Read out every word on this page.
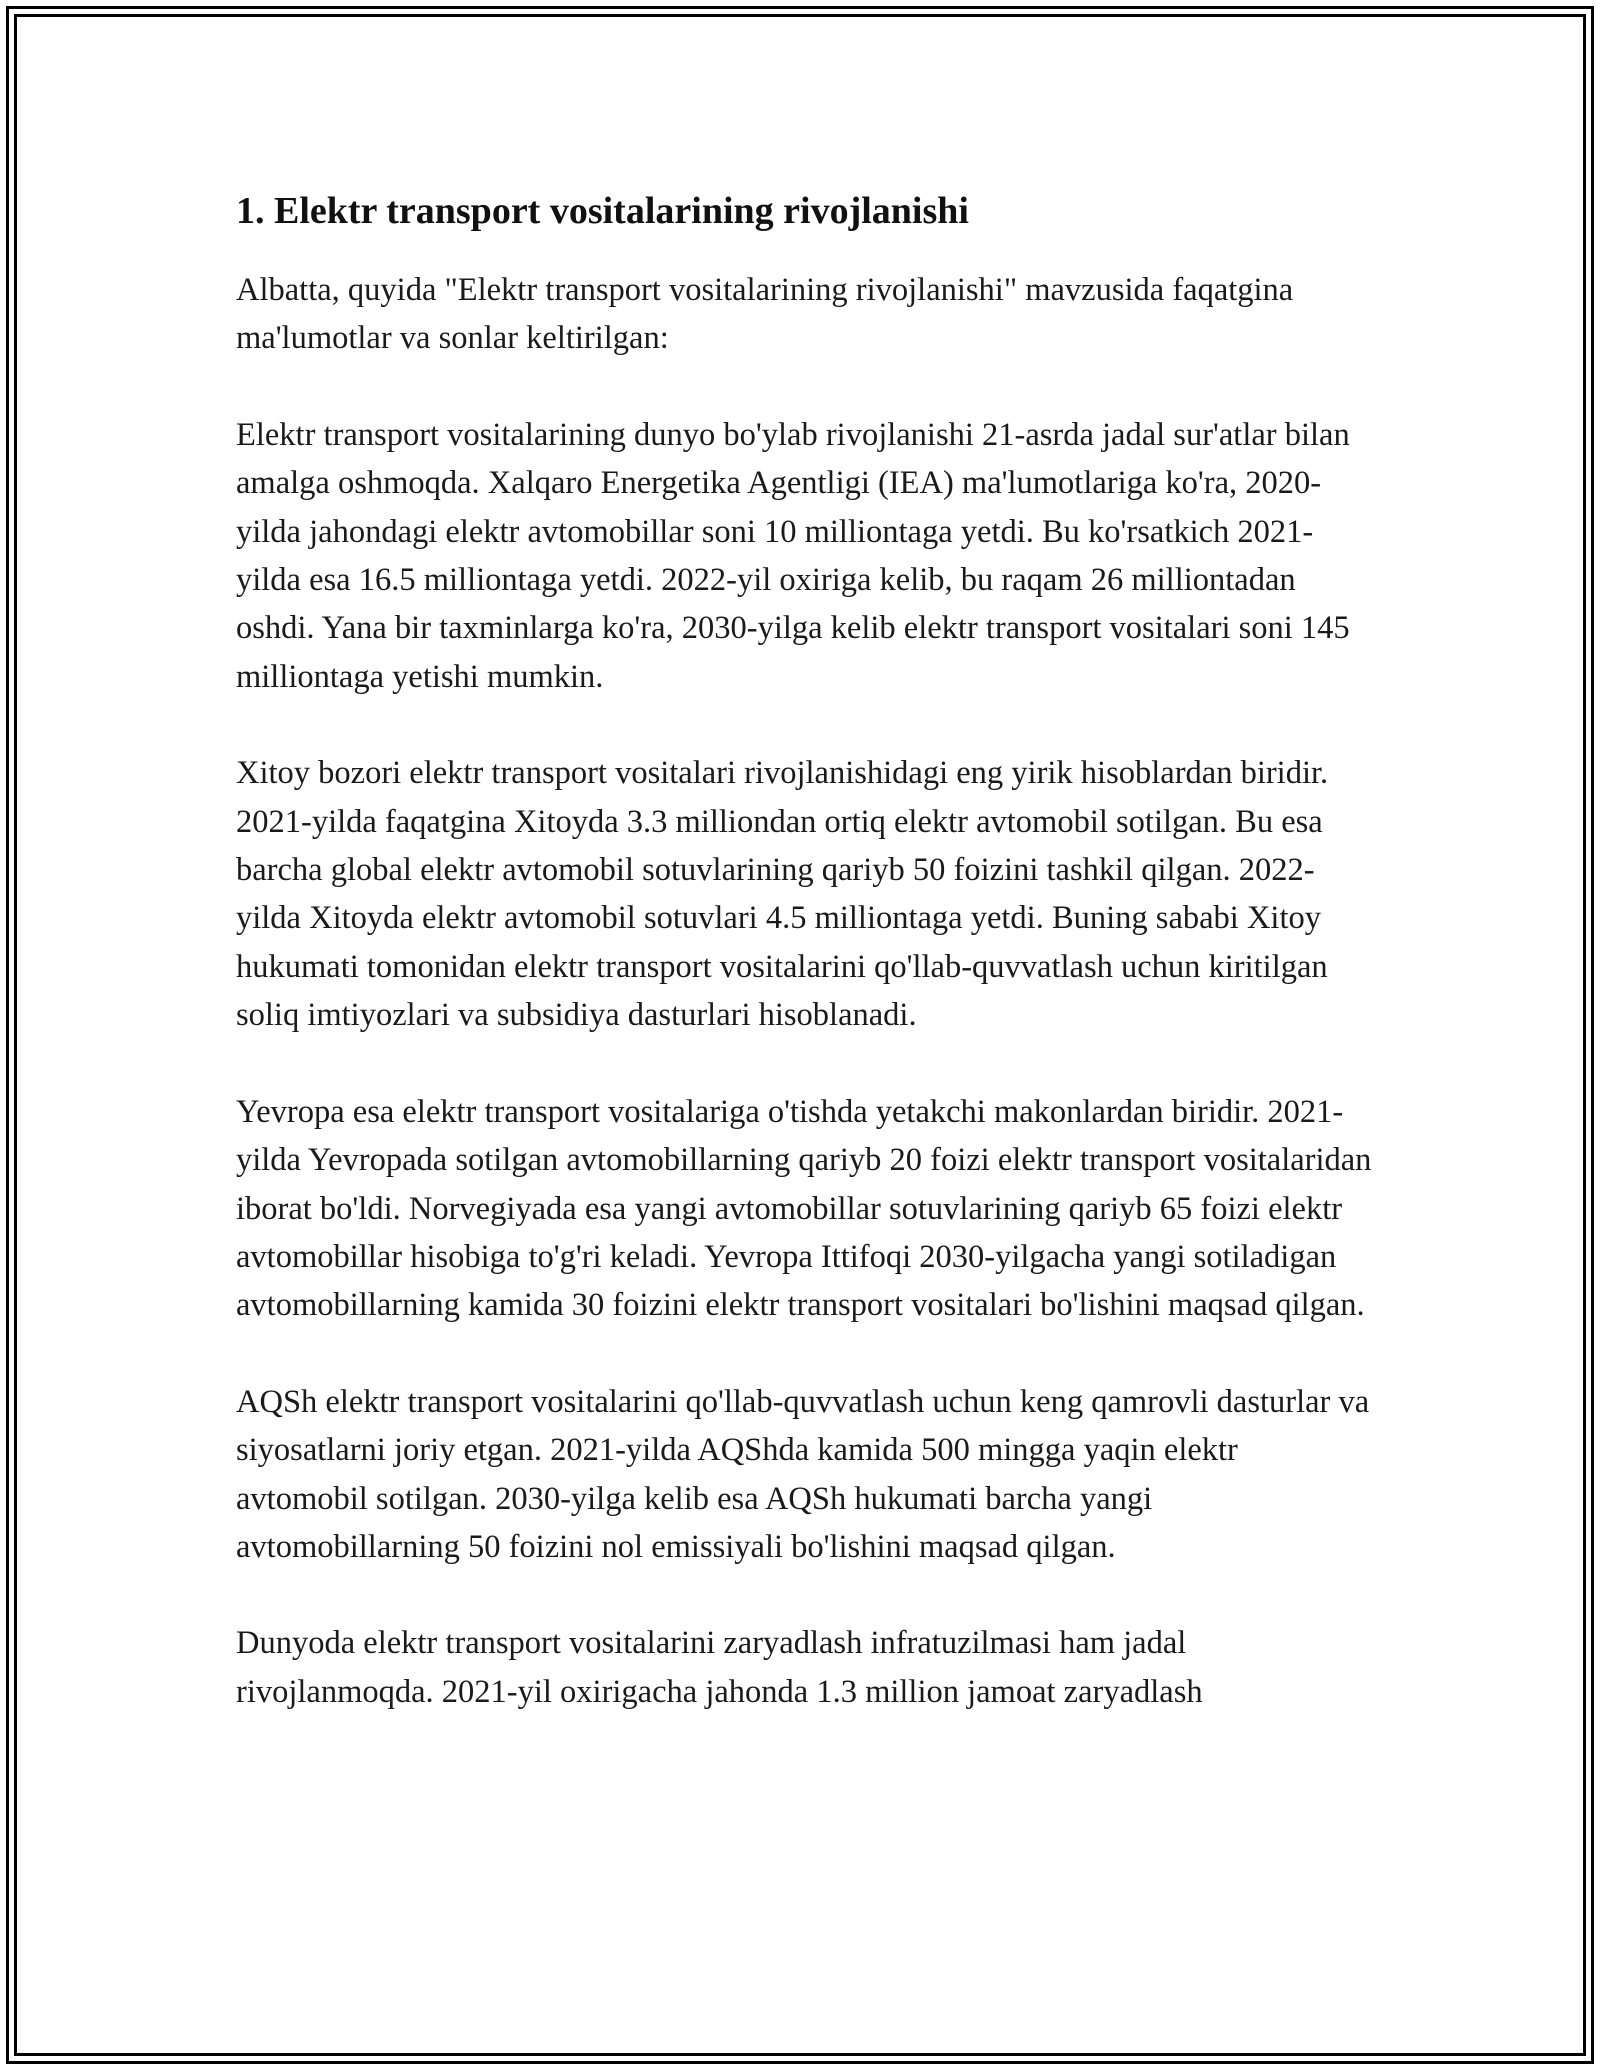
1. Elektr transport vositalarining rivojlanishi

Albatta, quyida "Elektr transport vositalarining rivojlanishi" mavzusida faqatgina ma'lumotlar va sonlar keltirilgan:

Elektr transport vositalarining dunyo bo'ylab rivojlanishi 21-asrda jadal sur'atlar bilan amalga oshmoqda. Xalqaro Energetika Agentligi (IEA) ma'lumotlariga ko'ra, 2020-yilda jahondagi elektr avtomobillar soni 10 milliontaga yetdi. Bu ko'rsatkich 2021-yilda esa 16.5 milliontaga yetdi. 2022-yil oxiriga kelib, bu raqam 26 milliontadan oshdi. Yana bir taxminlarga ko'ra, 2030-yilga kelib elektr transport vositalari soni 145 milliontaga yetishi mumkin.

Xitoy bozori elektr transport vositalari rivojlanishidagi eng yirik hisoblardan biridir. 2021-yilda faqatgina Xitoyda 3.3 milliondan ortiq elektr avtomobil sotilgan. Bu esa barcha global elektr avtomobil sotuvlarining qariyb 50 foizini tashkil qilgan. 2022-yilda Xitoyda elektr avtomobil sotuvlari 4.5 milliontaga yetdi. Buning sababi Xitoy hukumati tomonidan elektr transport vositalarini qo'llab-quvvatlash uchun kiritilgan soliq imtiyozlari va subsidiya dasturlari hisoblanadi.

Yevropa esa elektr transport vositalariga o'tishda yetakchi makonlardan biridir. 2021-yilda Yevropada sotilgan avtomobillarning qariyb 20 foizi elektr transport vositalaridan iborat bo'ldi. Norvegiyada esa yangi avtomobillar sotuvlarining qariyb 65 foizi elektr avtomobillar hisobiga to'g'ri keladi. Yevropa Ittifoqi 2030-yilgacha yangi sotiladigan avtomobillarning kamida 30 foizini elektr transport vositalari bo'lishini maqsad qilgan.

AQSh elektr transport vositalarini qo'llab-quvvatlash uchun keng qamrovli dasturlar va siyosatlarni joriy etgan. 2021-yilda AQShda kamida 500 mingga yaqin elektr avtomobil sotilgan. 2030-yilga kelib esa AQSh hukumati barcha yangi avtomobillarning 50 foizini nol emissiyali bo'lishini maqsad qilgan.

Dunyoda elektr transport vositalarini zaryadlash infratuzilmasi ham jadal rivojlanmoqda. 2021-yil oxirigacha jahonda 1.3 million jamoat zaryadlash
